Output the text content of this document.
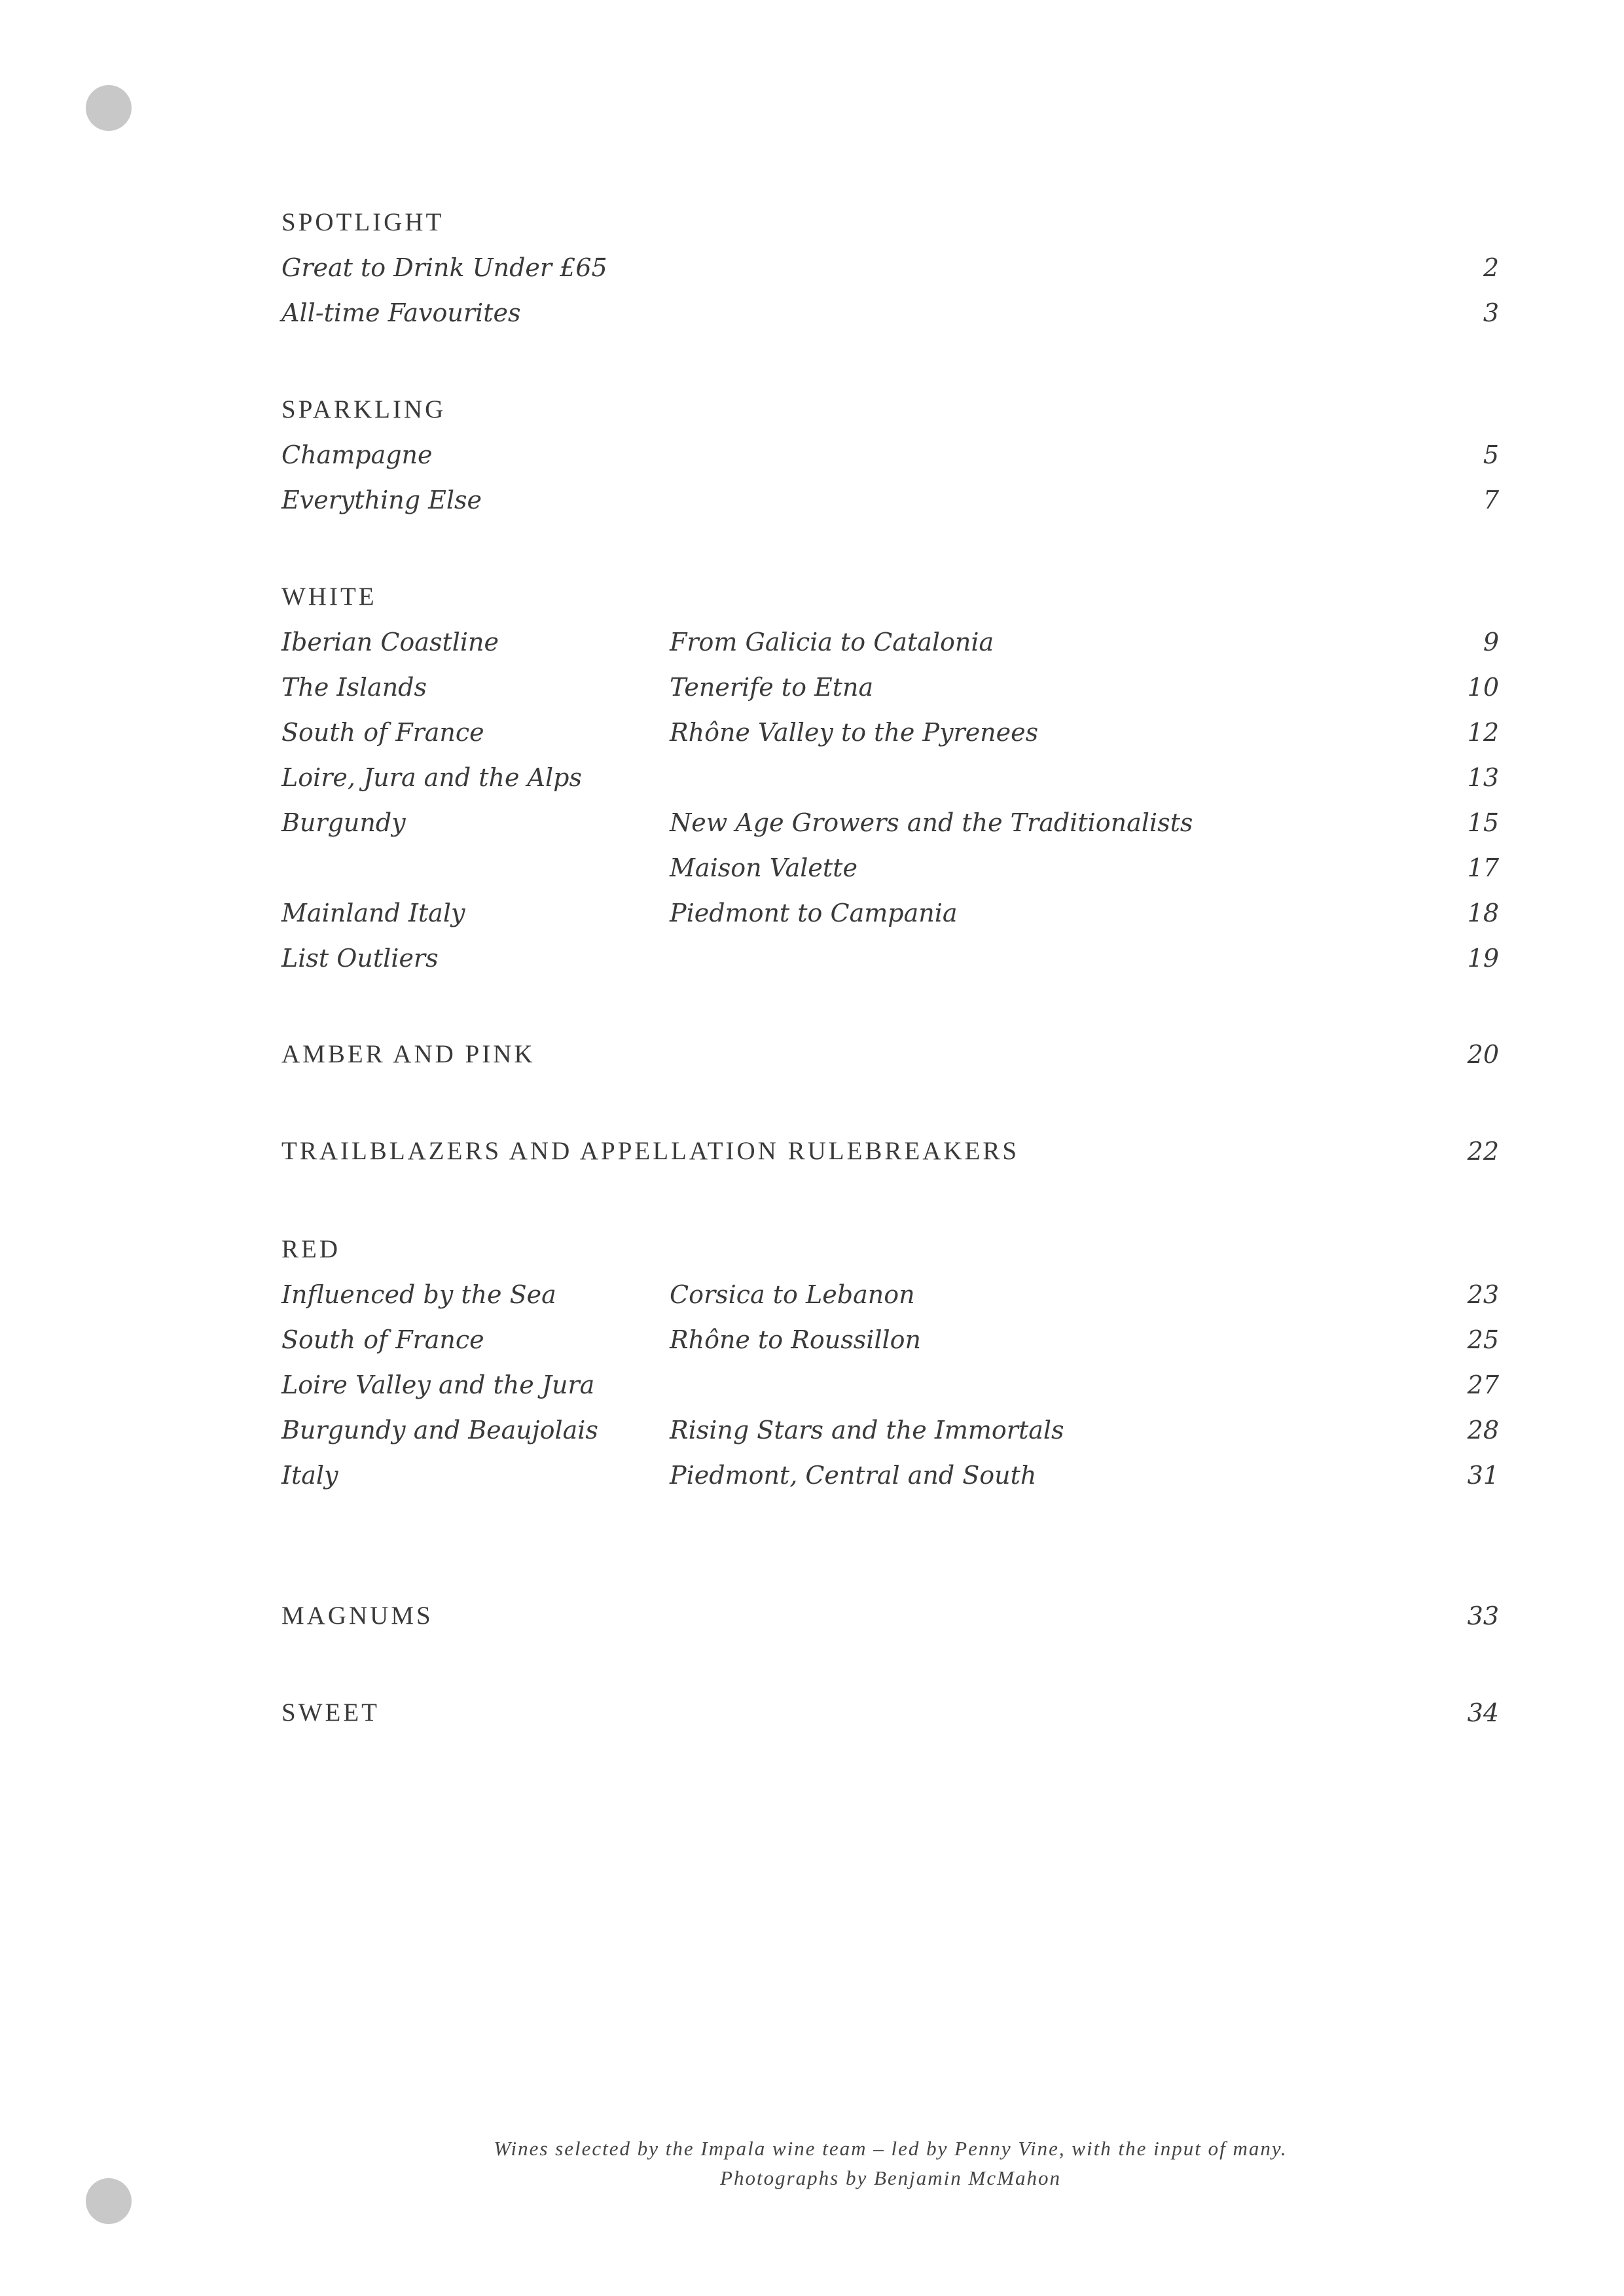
SPOTLIGHT
Great to Drink Under £65	2
All-time Favourites	3
SPARKLING
Champagne	5
Everything Else	7
WHITE
Iberian Coastline	From Galicia to Catalonia	9
The Islands	Tenerife to Etna	10
South of France	Rhône Valley to the Pyrenees	12
Loire, Jura and the Alps	13
Burgundy	New Age Growers and the Traditionalists	15
Maison Valette	17
Mainland Italy	Piedmont to Campania	18
List Outliers	19
AMBER AND PINK	20
TRAILBLAZERS AND APPELLATION RULEBREAKERS	22
RED
Influenced by the Sea	Corsica to Lebanon	23
South of France	Rhône to Roussillon	25
Loire Valley and the Jura	27
Burgundy and Beaujolais	Rising Stars and the Immortals	28
Italy	Piedmont, Central and South	31
MAGNUMS	33
SWEET	34
Wines selected by the Impala wine team – led by Penny Vine, with the input of many.
Photographs by Benjamin McMahon
